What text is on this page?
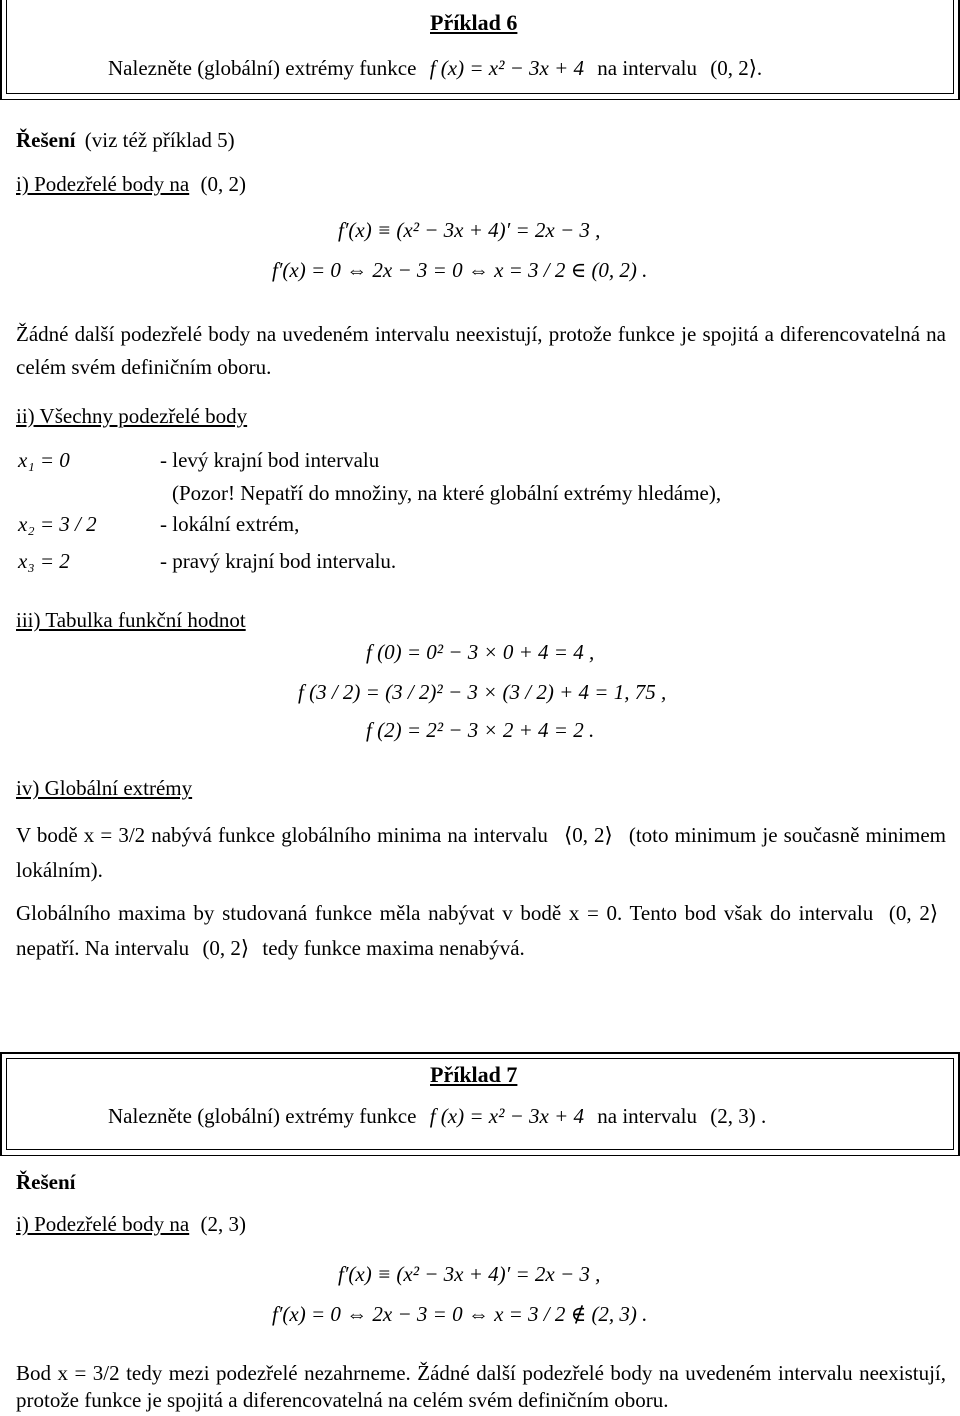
Příklad 6
Nalezněte (globální) extrémy funkce f (x) = x² − 3x + 4 na intervalu (0, 2⟩.
Řešení (viz též příklad 5)
i) Podezřelé body na (0, 2)
f′(x) ≡ (x² − 3x + 4)′ = 2x − 3 ,
f′(x) = 0 ⇔ 2x − 3 = 0 ⇔ x = 3 / 2 ∈ (0, 2) .
Žádné další podezřelé body na uvedeném intervalu neexistují, protože funkce je spojitá a diferencovatelná na celém svém definičním oboru.
ii) Všechny podezřelé body
x₁ = 0	- levý krajní bod intervalu
(Pozor! Nepatří do množiny, na které globální extrémy hledáme),
x₂ = 3 / 2	- lokální extrém,
x₃ = 2	- pravý krajní bod intervalu.
iii) Tabulka funkční hodnot
f (0) = 0² − 3 × 0 + 4 = 4 ,
f (3 / 2) = (3 / 2)² − 3 × (3 / 2) + 4 = 1, 75 ,
f (2) = 2² − 3 × 2 + 4 = 2 .
iv) Globální extrémy
V bodě x = 3/2 nabývá funkce globálního minima na intervalu ⟨0, 2⟩ (toto minimum je současně minimem lokálním).
Globálního maxima by studovaná funkce měla nabývat v bodě x = 0. Tento bod však do intervalu (0, 2⟩ nepatří. Na intervalu (0, 2⟩ tedy funkce maxima nenabývá.
Příklad 7
Nalezněte (globální) extrémy funkce f (x) = x² − 3x + 4 na intervalu (2, 3) .
Řešení
i) Podezřelé body na (2, 3)
f′(x) ≡ (x² − 3x + 4)′ = 2x − 3 ,
f′(x) = 0 ⇔ 2x − 3 = 0 ⇔ x = 3 / 2 ∉ (2, 3) .
Bod x = 3/2 tedy mezi podezřelé nezahrneme. Žádné další podezřelé body na uvedeném intervalu neexistují, protože funkce je spojitá a diferencovatelná na celém svém definičním oboru.
